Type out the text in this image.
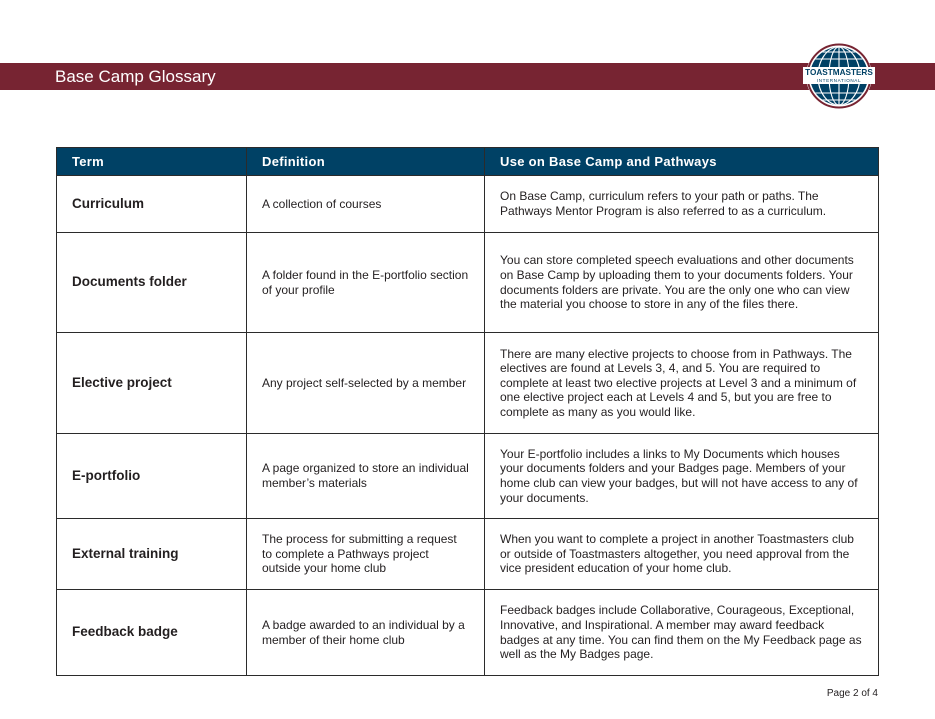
Base Camp Glossary	TOASTMASTERS
INTERNATIONAL
Term	Definition	Use on Base Camp and Pathways
Curriculum	A collection of courses	On Base Camp, curriculum refers to your path or paths. The Pathways Mentor Program is also referred to as a curriculum.
Documents folder	A folder found in the E-portfolio section of your profile	You can store completed speech evaluations and other documents on Base Camp by uploading them to your documents folders. Your documents folders are private. You are the only one who can view the material you choose to store in any of the files there.
Elective project	Any project self-selected by a member	There are many elective projects to choose from in Pathways. The electives are found at Levels 3, 4, and 5. You are required to complete at least two elective projects at Level 3 and a minimum of one elective project each at Levels 4 and 5, but you are free to complete as many as you would like.
E-portfolio	A page organized to store an individual member’s materials	Your E-portfolio includes a links to My Documents which houses your documents folders and your Badges page. Members of your home club can view your badges, but will not have access to any of your documents.
External training	The process for submitting a request to complete a Pathways project outside your home club	When you want to complete a project in another Toastmasters club or outside of Toastmasters altogether, you need approval from the vice president education of your home club.
Feedback badge	A badge awarded to an individual by a member of their home club	Feedback badges include Collaborative, Courageous, Exceptional, Innovative, and Inspirational. A member may award feedback badges at any time. You can find them on the My Feedback page as well as the My Badges page.
Page 2 of 4
